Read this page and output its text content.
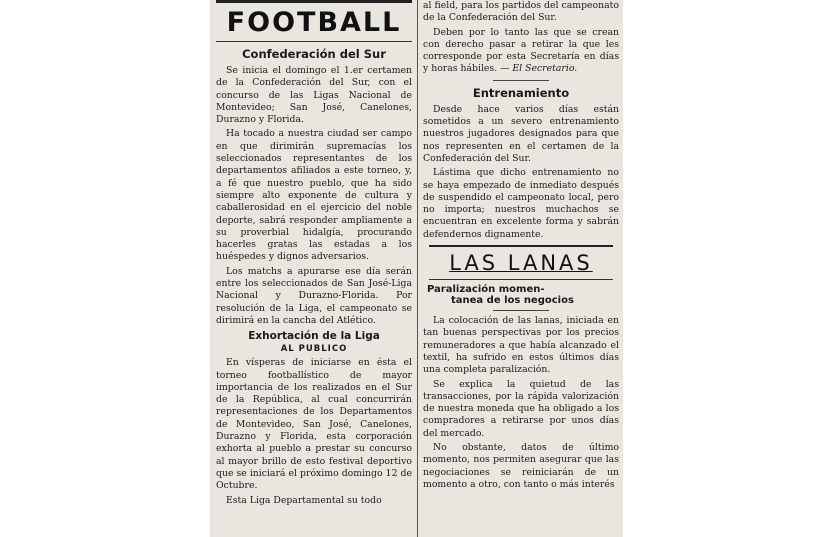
FOOTBALL
Confederación del Sur

Se inicia el domingo el 1.er certamen de la Confederación del Sur, con el concurso de las Ligas Nacional de Montevideo; San José, Canelones, Durazno y Florida.

Ha tocado a nuestra ciudad ser campo en que dirimirán supremacías los seleccionados representantes de los departamentos afiliados a este torneo, y, a fé que nuestro pueblo, que ha sido siempre alto exponente de cultura y caballerosidad en el ejercicio del noble deporte, sabrá responder ampliamente a su proverbial hidalgía, procurando hacerles gratas las estadas a los huéspedes y dignos adversarios.

Los matchs a apurarse ese día serán entre los seleccionados de San José-Liga Nacional y Durazno-Florida. Por resolución de la Liga, el campeonato se dirimirá en la cancha del Atlético.

Exhortación de la Liga
AL PUBLICO

En vísperas de iniciarse en ésta el torneo footballístico de mayor importancia de los realizados en el Sur de la República, al cual concurrirán representaciones de los Departamentos de Montevideo, San José, Canelones, Durazno y Florida, esta corporación exhorta al pueblo a prestar su concurso al mayor brillo de esto festival deportivo que se iniciará el próximo domingo 12 de Octubre.

Esta Liga Departamental su todo

al field, para los partidos del campeonato de la Confederación del Sur.

Deben por lo tanto las que se crean con derecho pasar a retirar la que les corresponde por esta Secretaría en días y horas hábiles. — El Secretario.

Entrenamiento

Desde hace varios días están sometidos a un severo entrenamiento nuestros jugadores designados para que nos representen en el certamen de la Confederación del Sur.

Lástima que dicho entrenamiento no se haya empezado de inmediato después de suspendido el campeonato local, pero no importa; nuestros muchachos se encuentran en excelente forma y sabrán defendernos dignamente.

LAS LANAS
Paralización momen-
tanea de los negocios

La colocación de las lanas, iniciada en tan buenas perspectivas por los precios remuneradores a que había alcanzado el textil, ha sufrido en estos últimos días una completa paralización.

Se explica la quietud de las transacciones, por la rápida valorización de nuestra moneda que ha obligado a los compradores a retirarse por unos días del mercado.

No obstante, datos de último momento, nos permiten asegurar que las negociaciones se reiniciarán de un momento a otro, con tanto o más interés
